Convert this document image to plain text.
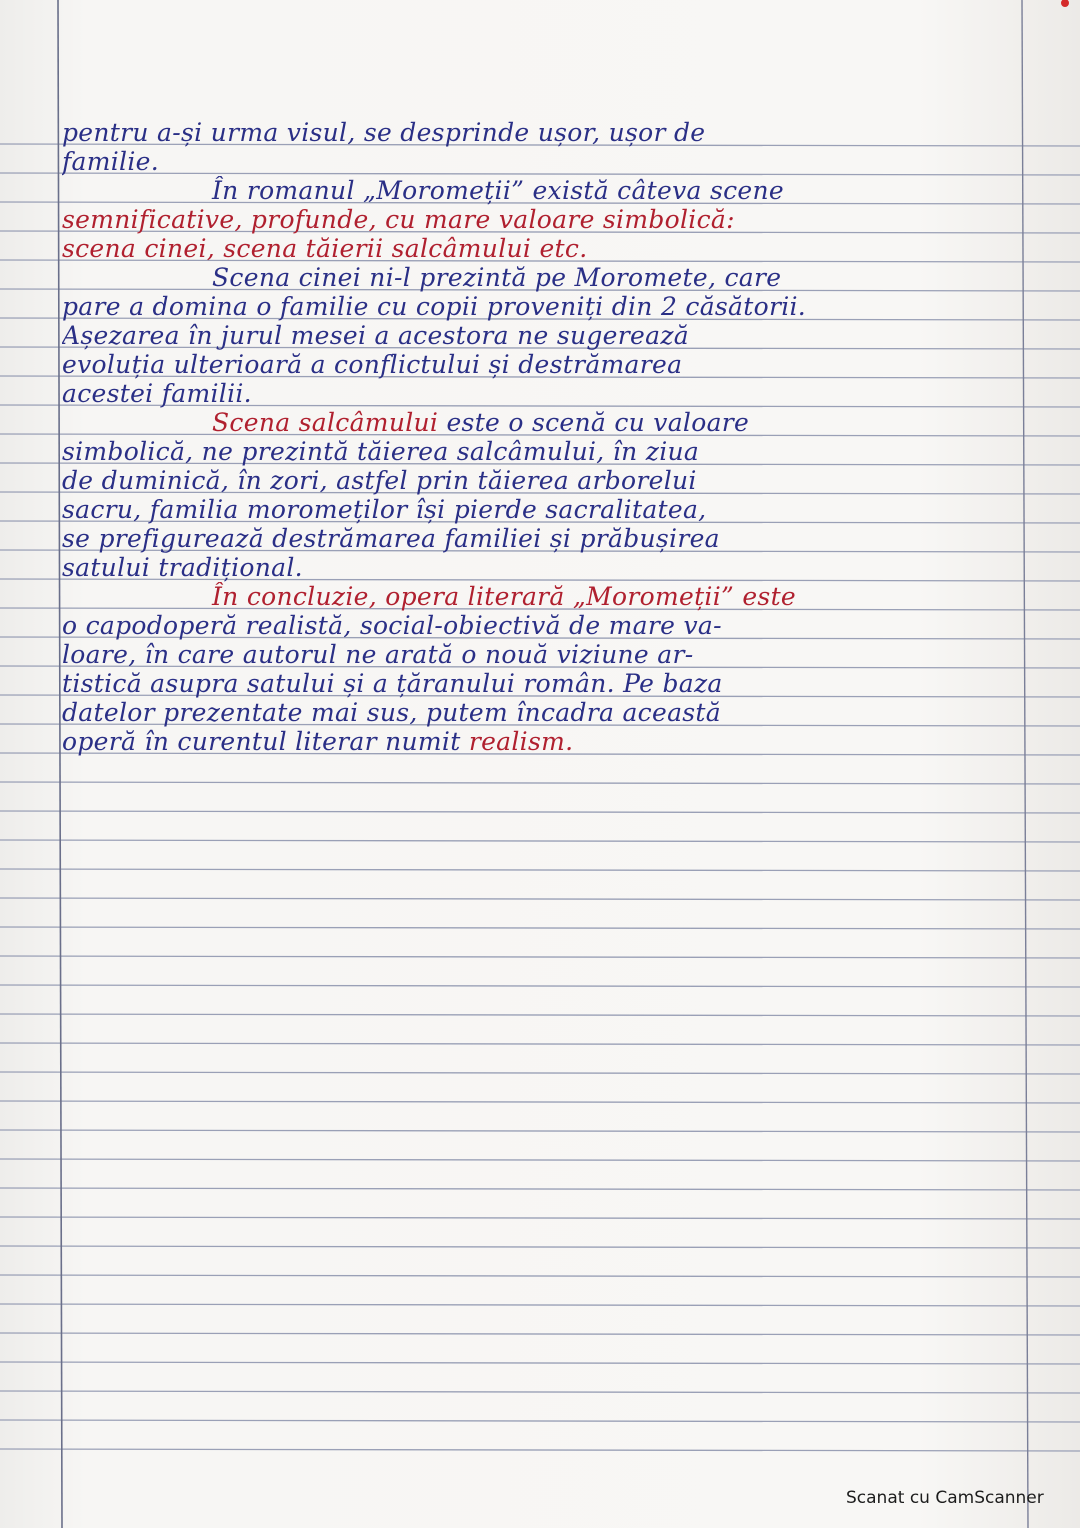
pentru a-și urma visul, se desprinde ușor, ușor de
familie.
În romanul „Moromeții” există câteva scene
semnificative, profunde, cu mare valoare simbolică:
scena cinei, scena tăierii salcâmului etc.
Scena cinei ni-l prezintă pe Moromete, care
pare a domina o familie cu copii proveniți din 2 căsătorii.
Așezarea în jurul mesei a acestora ne sugerează
evoluția ulterioară a conflictului și destrămarea
acestei familii.
Scena salcâmului este o scenă cu valoare
simbolică, ne prezintă tăierea salcâmului, în ziua
de duminică, în zori, astfel prin tăierea arborelui
sacru, familia moromeților își pierde sacralitatea,
se prefigurează destrămarea familiei și prăbușirea
satului tradițional.
În concluzie, opera literară „Moromeții” este
o capodoperă realistă, social-obiectivă de mare va-
loare, în care autorul ne arată o nouă viziune ar-
tistică asupra satului și a țăranului român. Pe baza
datelor prezentate mai sus, putem încadra această
operă în curentul literar numit realism.
Scanat cu CamScanner
